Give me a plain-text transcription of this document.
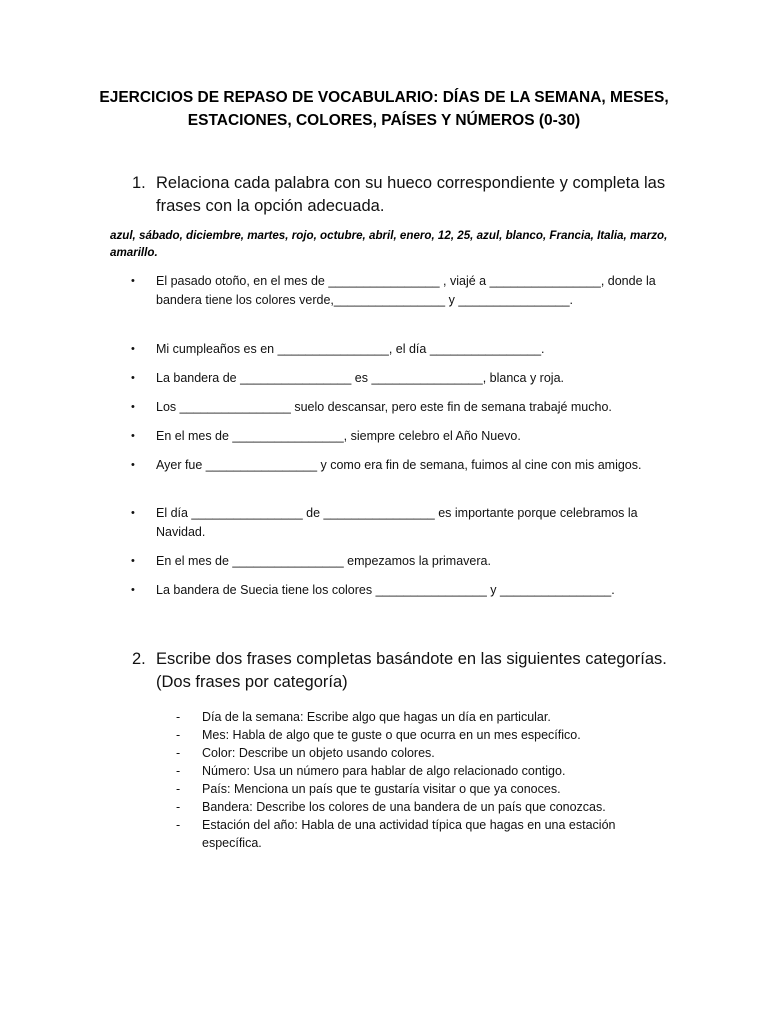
EJERCICIOS DE REPASO DE VOCABULARIO: DÍAS DE LA SEMANA, MESES,
ESTACIONES, COLORES, PAÍSES Y NÚMEROS (0-30)
1. Relaciona cada palabra con su hueco correspondiente y completa las frases con la opción adecuada.
azul, sábado, diciembre, martes, rojo, octubre, abril, enero, 12, 25, azul, blanco, Francia, Italia, marzo, amarillo.
• El pasado otoño, en el mes de ________________ , viajé a ________________, donde la bandera tiene los colores verde,________________ y ________________.
• Mi cumpleaños es en ________________, el día ________________.
• La bandera de ________________ es ________________, blanca y roja.
• Los ________________ suelo descansar, pero este fin de semana trabajé mucho.
• En el mes de ________________, siempre celebro el Año Nuevo.
• Ayer fue ________________ y como era fin de semana, fuimos al cine con mis amigos.
• El día ________________ de ________________ es importante porque celebramos la Navidad.
• En el mes de ________________ empezamos la primavera.
• La bandera de Suecia tiene los colores ________________ y ________________.
2. Escribe dos frases completas basándote en las siguientes categorías. (Dos frases por categoría)
- Día de la semana: Escribe algo que hagas un día en particular.
- Mes: Habla de algo que te guste o que ocurra en un mes específico.
- Color: Describe un objeto usando colores.
- Número: Usa un número para hablar de algo relacionado contigo.
- País: Menciona un país que te gustaría visitar o que ya conoces.
- Bandera: Describe los colores de una bandera de un país que conozcas.
- Estación del año: Habla de una actividad típica que hagas en una estación específica.
